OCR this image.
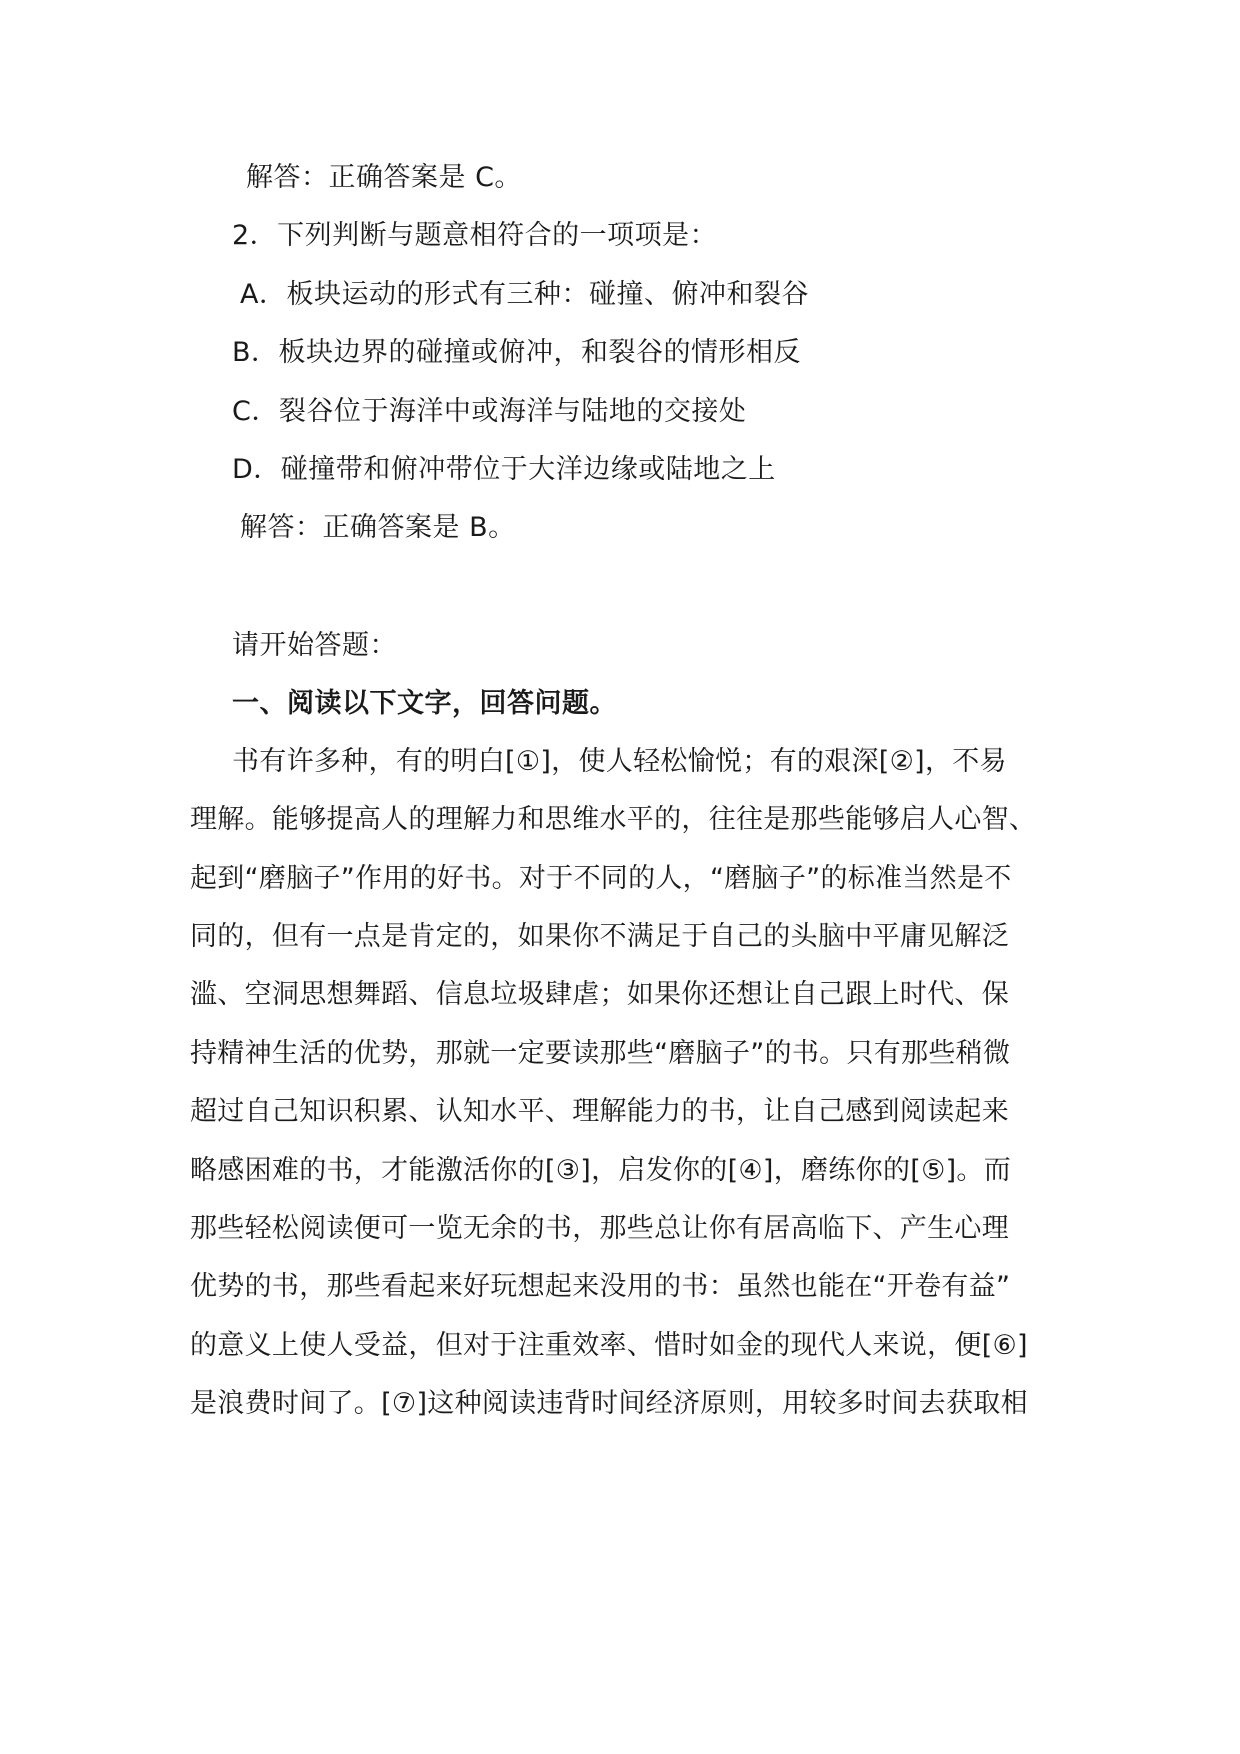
解答：正确答案是 C。
2．下列判断与题意相符合的一项项是：
A．板块运动的形式有三种：碰撞、俯冲和裂谷
B．板块边界的碰撞或俯冲，和裂谷的情形相反
C．裂谷位于海洋中或海洋与陆地的交接处
D．碰撞带和俯冲带位于大洋边缘或陆地之上
解答：正确答案是 B。
请开始答题：
一、阅读以下文字，回答问题。
书有许多种，有的明白[①]，使人轻松愉悦；有的艰深[②]，不易
理解。能够提高人的理解力和思维水平的，往往是那些能够启人心智、
起到“磨脑子”作用的好书。对于不同的人，“磨脑子”的标准当然是不
同的，但有一点是肯定的，如果你不满足于自己的头脑中平庸见解泛
滥、空洞思想舞蹈、信息垃圾肆虐；如果你还想让自己跟上时代、保
持精神生活的优势，那就一定要读那些“磨脑子”的书。只有那些稍微
超过自己知识积累、认知水平、理解能力的书，让自己感到阅读起来
略感困难的书，才能激活你的[③]，启发你的[④]，磨练你的[⑤]。而
那些轻松阅读便可一览无余的书，那些总让你有居高临下、产生心理
优势的书，那些看起来好玩想起来没用的书：虽然也能在“开卷有益”
的意义上使人受益，但对于注重效率、惜时如金的现代人来说，便[⑥]
是浪费时间了。[⑦]这种阅读违背时间经济原则，用较多时间去获取相
